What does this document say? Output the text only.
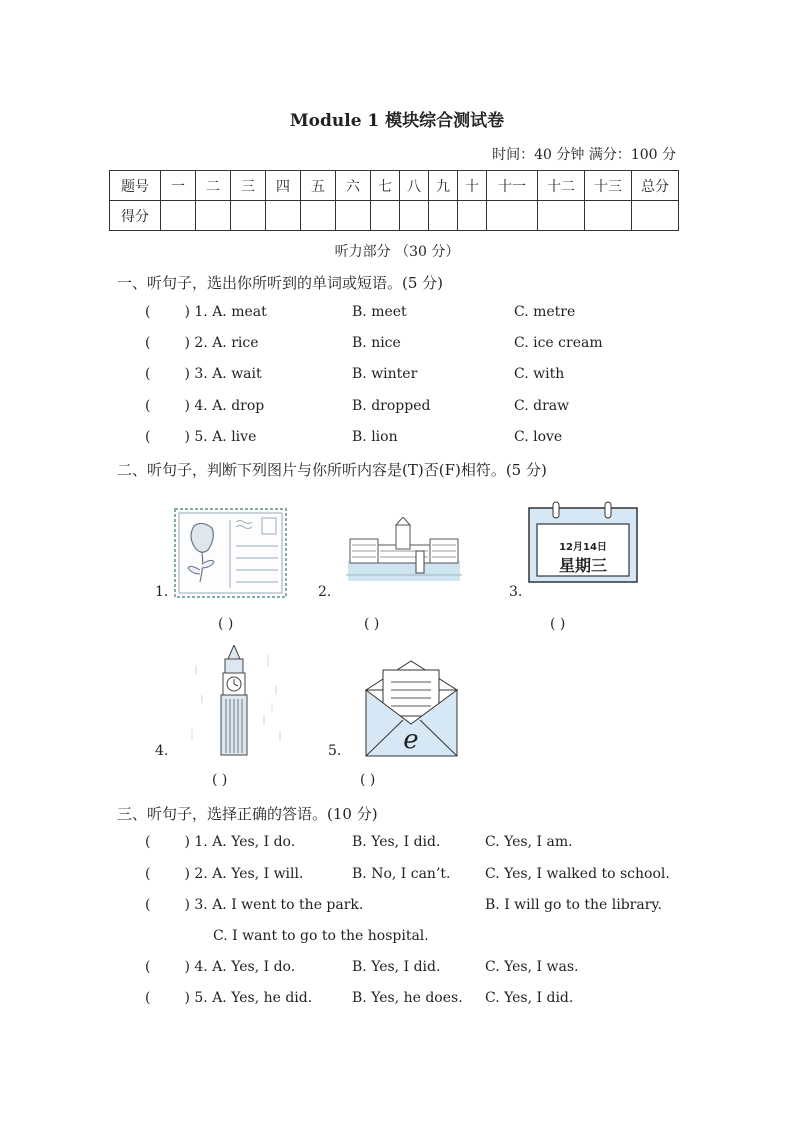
Module 1 模块综合测试卷
时间：40 分钟 满分：100 分
题号	一	二	三	四	五	六	七	八	九	十	十一	十二	十三	总分
得分														
听力部分 （30 分）
一、听句子，选出你所听到的单词或短语。(5 分)
( ) 1. A. meat	B. meet	C. metre
( ) 2. A. rice	B. nice	C. ice cream
( ) 3. A. wait	B. winter	C. with
( ) 4. A. drop	B. dropped	C. draw
( ) 5. A. live	B. lion	C. love
二、听句子，判断下列图片与你所听内容是(T)否(F)相符。(5 分)
1.
( )
2.
( )
3.
12月14日
星期三
( )
4.
( )
5. e
( )
三、听句子，选择正确的答语。(10 分)
( ) 1. A. Yes, I do.	B. Yes, I did.	C. Yes, I am.
( ) 2. A. Yes, I will.	B. No, I can’t. C. Yes, I walked to school.
( ) 3. A. I went to the park.	B. I will go to the library.
C. I want to go to the hospital.
( ) 4. A. Yes, I do.	B. Yes, I did.	C. Yes, I was.
( ) 5. A. Yes, he did.	B. Yes, he does. C. Yes, I did.
